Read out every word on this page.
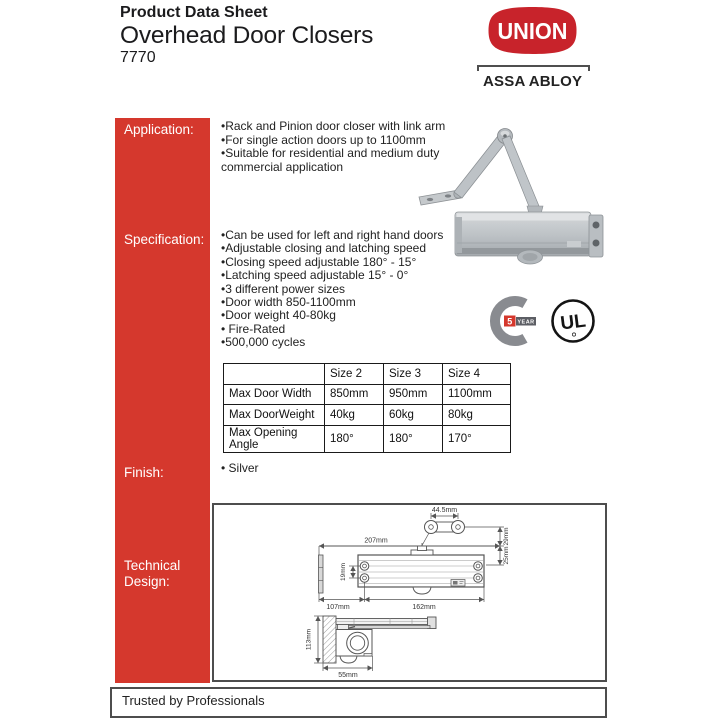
Product Data Sheet
Overhead Door Closers
7770
UNION
ASSA ABLOY
Application:
Specification:
Finish:
Technical
Design:
•Rack and Pinion door closer with link arm
•For single action doors up to 1100mm
•Suitable for residential and medium duty commercial application
•Can be used for left and right hand doors
•Adjustable closing and latching speed
•Closing speed adjustable 180° - 15°
•Latching speed adjustable 15° - 0°
•3 different power sizes
•Door width 850-1100mm
•Door weight 40-80kg
• Fire-Rated
•500,000 cycles
• Silver
5 YEAR UL
	Size 2	Size 3	Size 4
Max Door Width	850mm	950mm	1100mm
Max DoorWeight	40kg	60kg	80kg
Max Opening Angle	180°	180°	170°
44.5mm
207mm	29mm
25mm
19mm
107mm	162mm
113mm
55mm
Trusted by Professionals
